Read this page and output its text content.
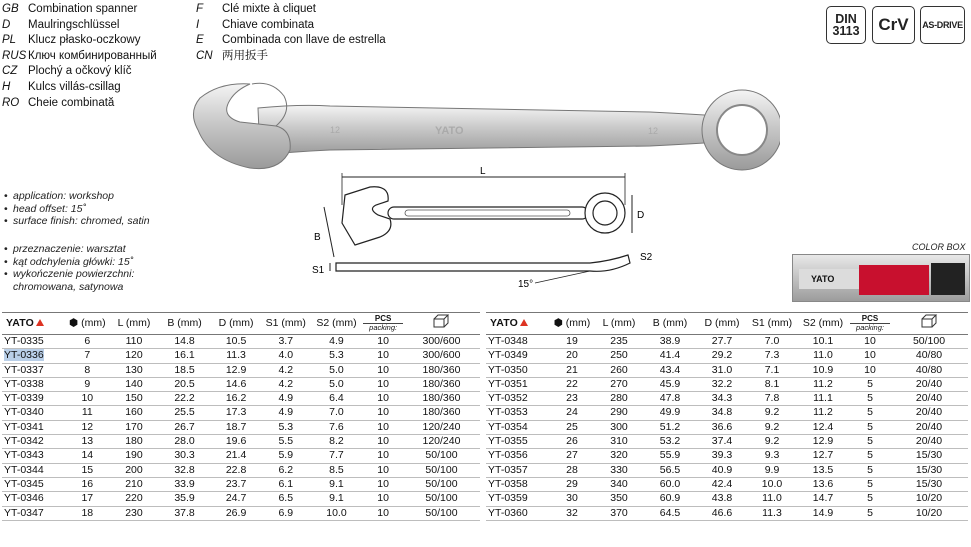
GB Combination spanner
D	Maulringschlüssel
PL	Klucz płasko-oczkowy
RUS Ключ комбинированный
CZ Plochý a očkový klíč
H	Kulcs villás-csillag
RO Cheie combinată
F	Clé mixte à cliquet
I	Chiave combinata
E	Combinada con llave de estrella
CN 两用扳手
DIN
3113	CrV	AS-DRIVE
12	YATO	12
L
D
B
S1
S2
15°
• application: workshop
• head offset: 15˚
• surface finish: chromed, satin
• przeznaczenie: warsztat
• kąt odchylenia główki: 15˚
• wykończenie powierzchni:
chromowana, satynowa
COLOR BOX
YATO
YATO	⬢ (mm)	L (mm)	B (mm)	D (mm)	S1 (mm)	S2 (mm)	PCS
packing:

YT-0335	6	110	14.8	10.5	3.7	4.9	10	300/600
YT-0336	7	120	16.1	11.3	4.0	5.3	10	300/600
YT-0337	8	130	18.5	12.9	4.2	5.0	10	180/360
YT-0338	9	140	20.5	14.6	4.2	5.0	10	180/360
YT-0339	10	150	22.2	16.2	4.9	6.4	10	180/360
YT-0340	11	160	25.5	17.3	4.9	7.0	10	180/360
YT-0341	12	170	26.7	18.7	5.3	7.6	10	120/240
YT-0342	13	180	28.0	19.6	5.5	8.2	10	120/240
YT-0343	14	190	30.3	21.4	5.9	7.7	10	50/100
YT-0344	15	200	32.8	22.8	6.2	8.5	10	50/100
YT-0345	16	210	33.9	23.7	6.1	9.1	10	50/100
YT-0346	17	220	35.9	24.7	6.5	9.1	10	50/100
YT-0347	18	230	37.8	26.9	6.9	10.0	10	50/100
YATO	⬢ (mm)	L (mm)	B (mm)	D (mm)	S1 (mm)	S2 (mm)	PCS
packing:

YT-0348	19	235	38.9	27.7	7.0	10.1	10	50/100
YT-0349	20	250	41.4	29.2	7.3	11.0	10	40/80
YT-0350	21	260	43.4	31.0	7.1	10.9	10	40/80
YT-0351	22	270	45.9	32.2	8.1	11.2	5	20/40
YT-0352	23	280	47.8	34.3	7.8	11.1	5	20/40
YT-0353	24	290	49.9	34.8	9.2	11.2	5	20/40
YT-0354	25	300	51.2	36.6	9.2	12.4	5	20/40
YT-0355	26	310	53.2	37.4	9.2	12.9	5	20/40
YT-0356	27	320	55.9	39.3	9.3	12.7	5	15/30
YT-0357	28	330	56.5	40.9	9.9	13.5	5	15/30
YT-0358	29	340	60.0	42.4	10.0	13.6	5	15/30
YT-0359	30	350	60.9	43.8	11.0	14.7	5	10/20
YT-0360	32	370	64.5	46.6	11.3	14.9	5	10/20
